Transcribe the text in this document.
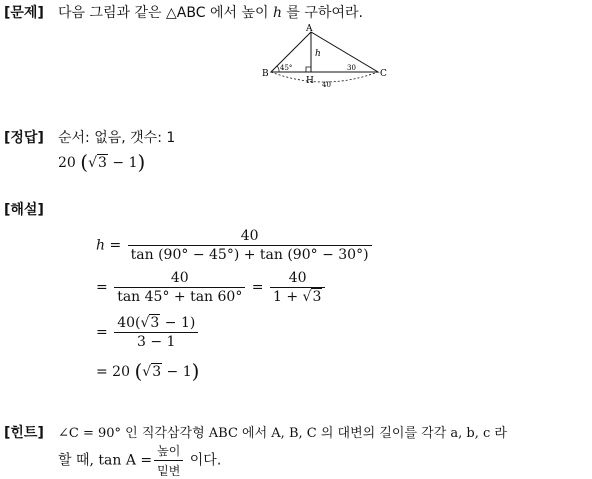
[문제] 다음 그림과 같은 △ABC 에서 높이 h 를 구하여라.
A
B	C
H
h
45°	30
40
[정답] 순서: 없음, 갯수: 1
20 (√3 − 1)
[해설]
$h = \frac{40}{\tan (90^\circ - 45^\circ) + \tan (90^\circ - 30^\circ)}$
= $\frac{40}{\tan 45^\circ + \tan 60^\circ} = \frac{40}{1 + √3}$
= $\frac{40(√3 - 1)}{3 - 1}$
= 20 (√3 − 1)
[힌트] ∠C = 90° 인 직각삼각형 ABC 에서 A, B, C 의 대변의 길이를 각각 a, b, c 라
할 때, $\tan A = \frac{\text{높이}}{\text{밑변}}$ 이다.
